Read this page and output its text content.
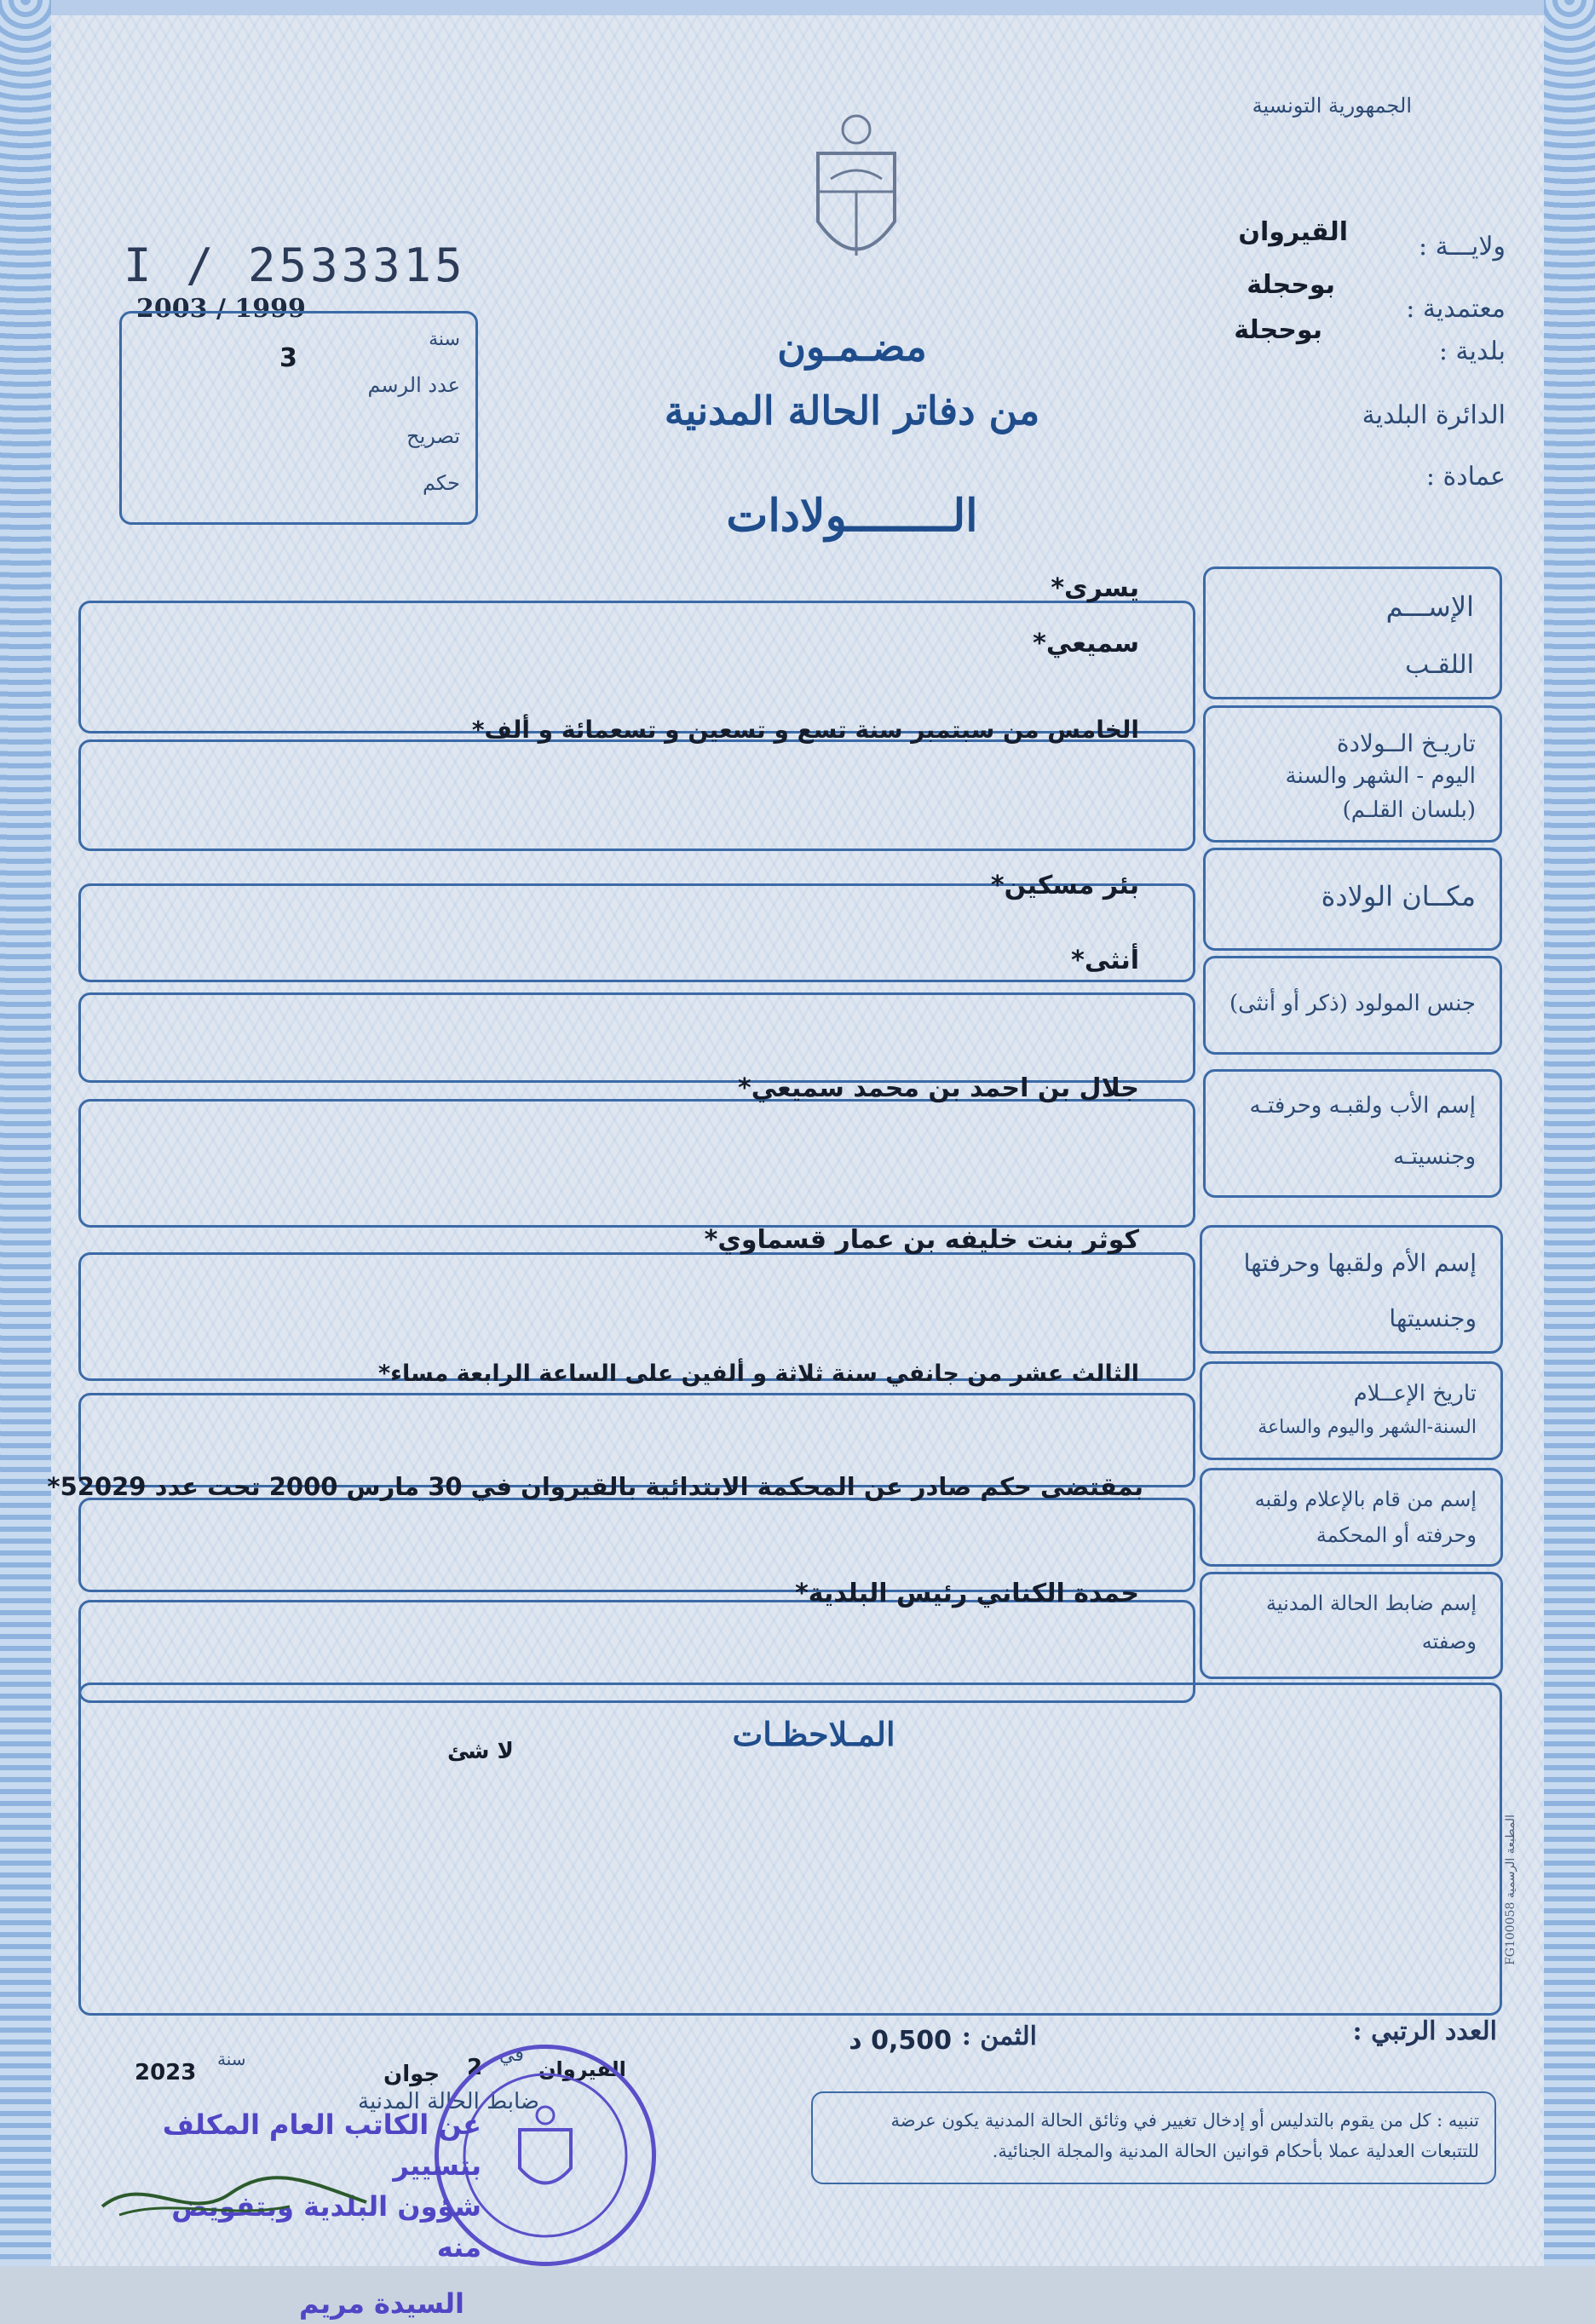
الجمهورية التونسية
ولايـــة :
القيروان
معتمدية :
بوحجلة
بلدية :
بوحجلة
الدائرة البلدية
عمادة :
I / 2533315
2003 / 1999
سنة
عدد الرسم
3
تصريح
حكم
مضـمـون
من دفاتر الحالة المدنية
الــــــــولادات
الإســـم
اللقـب
يسرى*
سميعي*
تاريـخ الــولادة
اليوم - الشهر والسنة
(بلسان القلـم)
الخامس من سبتمبر سنة تسع و تسعين و تسعمائة و ألف*
مكــان الولادة
بئر مسكين*
جنس المولود (ذكر أو أنثى)
أنثى*
إسم الأب ولقبـه وحرفتـه
وجنسيتـه
جلال بن احمد بن محمد سميعي*
إسم الأم ولقبها وحرفتها
وجنسيتها
كوثر بنت خليفه بن عمار قسماوي*
تاريخ الإعــلام
السنة-الشهر واليوم والساعة
الثالث عشر من جانفي سنة ثلاثة و ألفين على الساعة الرابعة مساء*
إسم من قام بالإعلام ولقبه
وحرفته أو المحكمة
بمقتضى حكم صادر عن المحكمة الابتدائية بالقيروان في 30 مارس 2000 تحت عدد 52029*
إسم ضابط الحالة المدنية
وصفته
حمدة الكناني رئيس البلدية*
المـلاحظـات
لا شئ
المطبعة الرسمية FG100058
العدد الرتبي :
الثمن :
0,500 د
تنبيه : كل من يقوم بالتدليس أو إدخال تغيير في وثائق الحالة المدنية يكون عرضة للتتبعات العدلية عملا بأحكام قوانين الحالة المدنية والمجلة الجنائية.
سنة
2023	جوان 2 في
القيروان
ضابط الحالة المدنية
عن الكاتب العام المكلف بتسيير
شؤون البلدية وبتفويض منه
السيدة مريم
